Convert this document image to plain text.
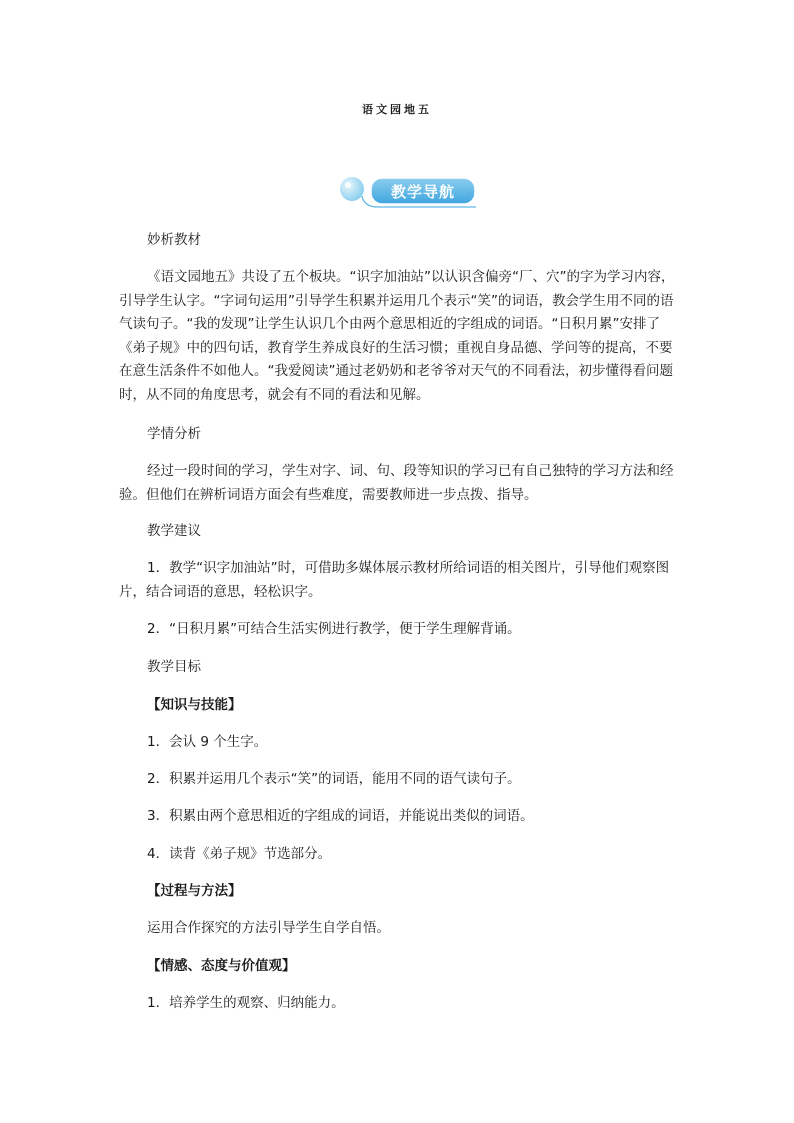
语文园地五
教学导航
妙析教材
《语文园地五》共设了五个板块。“识字加油站”以认识含偏旁“厂、穴”的字为学习内容，引导学生认字。“字词句运用”引导学生积累并运用几个表示“笑”的词语，教会学生用不同的语气读句子。“我的发现”让学生认识几个由两个意思相近的字组成的词语。“日积月累”安排了《弟子规》中的四句话，教育学生养成良好的生活习惯；重视自身品德、学问等的提高，不要在意生活条件不如他人。“我爱阅读”通过老奶奶和老爷爷对天气的不同看法，初步懂得看问题时，从不同的角度思考，就会有不同的看法和见解。
学情分析
经过一段时间的学习，学生对字、词、句、段等知识的学习已有自己独特的学习方法和经验。但他们在辨析词语方面会有些难度，需要教师进一步点拨、指导。
教学建议
1．教学“识字加油站”时，可借助多媒体展示教材所给词语的相关图片，引导他们观察图片，结合词语的意思，轻松识字。
2．“日积月累”可结合生活实例进行教学，便于学生理解背诵。
教学目标
【知识与技能】
1．会认 9 个生字。
2．积累并运用几个表示“笑”的词语，能用不同的语气读句子。
3．积累由两个意思相近的字组成的词语，并能说出类似的词语。
4．读背《弟子规》节选部分。
【过程与方法】
运用合作探究的方法引导学生自学自悟。
【情感、态度与价值观】
1．培养学生的观察、归纳能力。
